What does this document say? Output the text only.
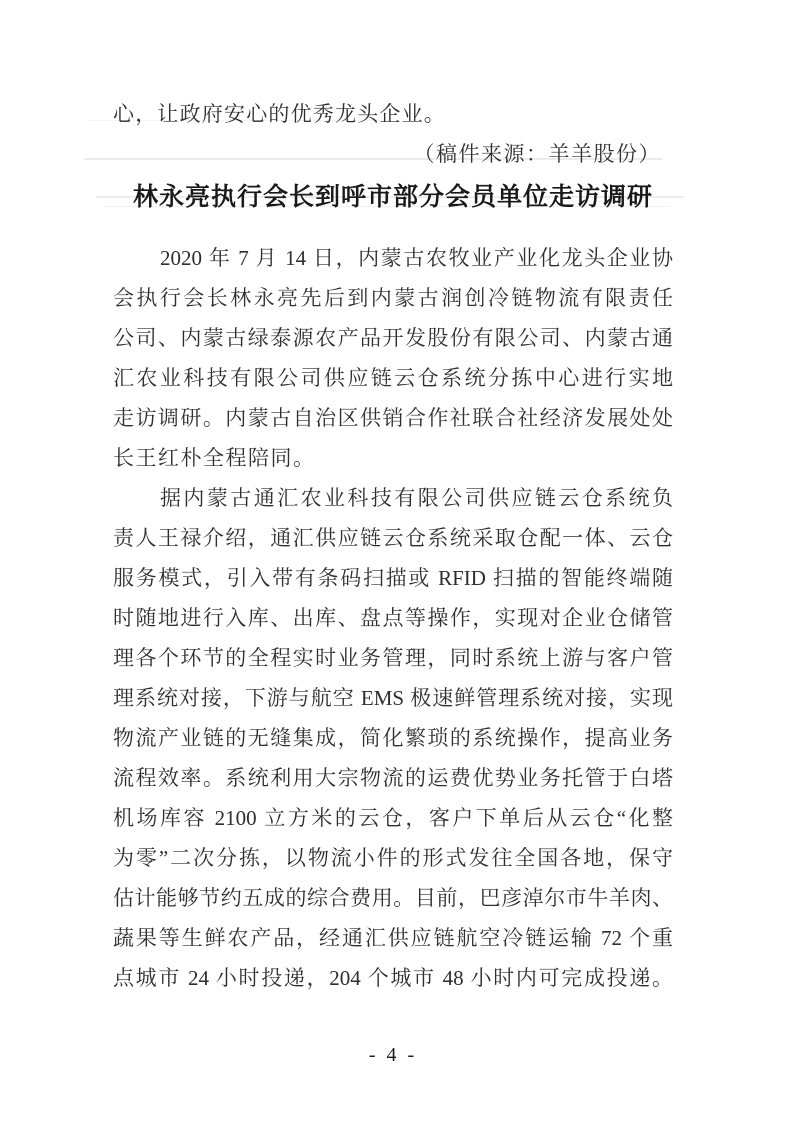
心，让政府安心的优秀龙头企业。
（稿件来源：羊羊股份）
林永亮执行会长到呼市部分会员单位走访调研
2020 年 7 月 14 日，内蒙古农牧业产业化龙头企业协
会执行会长林永亮先后到内蒙古润创冷链物流有限责任
公司、内蒙古绿泰源农产品开发股份有限公司、内蒙古通
汇农业科技有限公司供应链云仓系统分拣中心进行实地
走访调研。内蒙古自治区供销合作社联合社经济发展处处
长王红朴全程陪同。
据内蒙古通汇农业科技有限公司供应链云仓系统负
责人王禄介绍，通汇供应链云仓系统采取仓配一体、云仓
服务模式，引入带有条码扫描或 RFID 扫描的智能终端随
时随地进行入库、出库、盘点等操作，实现对企业仓储管
理各个环节的全程实时业务管理，同时系统上游与客户管
理系统对接，下游与航空 EMS 极速鲜管理系统对接，实现
物流产业链的无缝集成，简化繁琐的系统操作，提高业务
流程效率。系统利用大宗物流的运费优势业务托管于白塔
机场库容 2100 立方米的云仓，客户下单后从云仓“化整
为零”二次分拣，以物流小件的形式发往全国各地，保守
估计能够节约五成的综合费用。目前，巴彦淖尔市牛羊肉、
蔬果等生鲜农产品，经通汇供应链航空冷链运输 72 个重
点城市 24 小时投递，204 个城市 48 小时内可完成投递。
- 4 -
